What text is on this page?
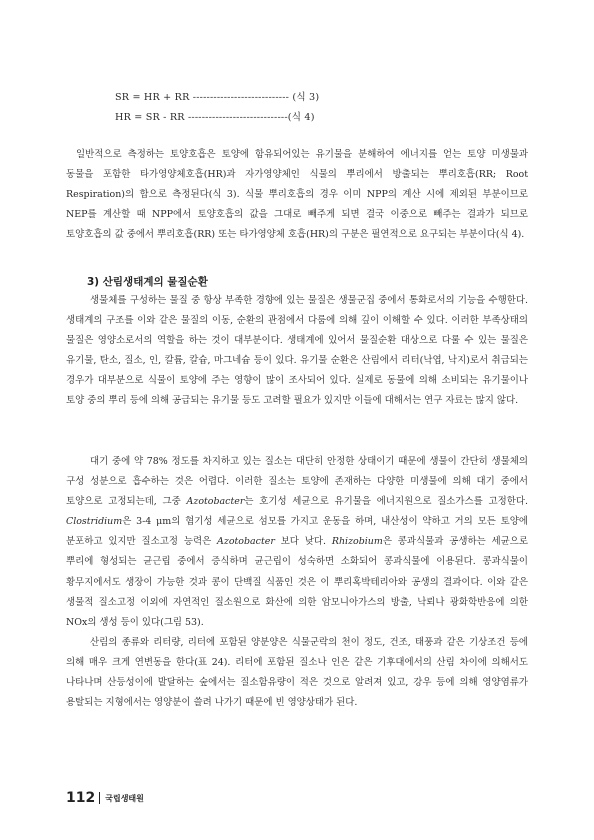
SR = HR + RR ---------------------------- (식 3)
HR = SR - RR -----------------------------(식 4)

일반적으로 측정하는 토양호흡은 토양에 함유되어있는 유기물을 분해하여 에너지를 얻는 토양 미생물과 동물을 포함한 타가영양체호흡(HR)과 자가영양체인 식물의 뿌리에서 방출되는 뿌리호흡(RR; Root Respiration)의 합으로 측정된다(식 3). 식물 뿌리호흡의 경우 이미 NPP의 계산 시에 제외된 부분이므로 NEP를 계산할 때 NPP에서 토양호흡의 값을 그대로 빼주게 되면 결국 이중으로 빼주는 결과가 되므로 토양호흡의 값 중에서 뿌리호흡(RR) 또는 타가영양체 호흡(HR)의 구분은 필연적으로 요구되는 부분이다(식 4).

3) 산림생태계의 물질순환

생물체를 구성하는 물질 중 항상 부족한 경향에 있는 물질은 생물군집 중에서 통화로서의 기능을 수행한다. 생태계의 구조를 이와 같은 물질의 이동, 순환의 관점에서 다룸에 의해 깊이 이해할 수 있다. 이러한 부족상태의 물질은 영양소로서의 역할을 하는 것이 대부분이다. 생태계에 있어서 물질순환 대상으로 다룰 수 있는 물질은 유기물, 탄소, 질소, 인, 칼륨, 칼슘, 마그네슘 등이 있다. 유기물 순환은 산림에서 리터(낙엽, 낙지)로서 취급되는 경우가 대부분으로 식물이 토양에 주는 영향이 많이 조사되어 있다. 실제로 동물에 의해 소비되는 유기물이나 토양 중의 뿌리 등에 의해 공급되는 유기물 등도 고려할 필요가 있지만 이들에 대해서는 연구 자료는 많지 않다.

대기 중에 약 78% 정도를 차지하고 있는 질소는 대단히 안정한 상태이기 때문에 생물이 간단히 생물체의 구성 성분으로 흡수하는 것은 어렵다. 이러한 질소는 토양에 존재하는 다양한 미생물에 의해 대기 중에서 토양으로 고정되는데, 그중 Azotobacter는 호기성 세균으로 유기물을 에너지원으로 질소가스를 고정한다. Clostridium은 3-4 μm의 혐기성 세균으로 섬모를 가지고 운동을 하며, 내산성이 약하고 거의 모든 토양에 분포하고 있지만 질소고정 능력은 Azotobacter 보다 낮다. Rhizobium은 콩과식물과 공생하는 세균으로 뿌리에 형성되는 균근립 중에서 증식하며 균근립이 성숙하면 소화되어 콩과식물에 이용된다. 콩과식물이 황무지에서도 생장이 가능한 것과 콩이 단백질 식품인 것은 이 뿌리혹박테리아와 공생의 결과이다. 이와 같은 생물적 질소고정 이외에 자연적인 질소원으로 화산에 의한 암모니아가스의 방출, 낙뢰나 광화학반응에 의한 NOx의 생성 등이 있다(그림 53).

산림의 종류와 리터량, 리터에 포함된 양분양은 식물군락의 천이 정도, 건조, 태풍과 같은 기상조건 등에 의해 매우 크게 연변동을 한다(표 24). 리터에 포함된 질소나 인은 같은 기후대에서의 산림 차이에 의해서도 나타나며 산등성이에 발달하는 숲에서는 질소함유량이 적은 것으로 알려져 있고, 강우 등에 의해 영양염류가 용탈되는 지형에서는 영양분이 쓸려 나가기 때문에 빈 영양상태가 된다.

112 국립생태원
